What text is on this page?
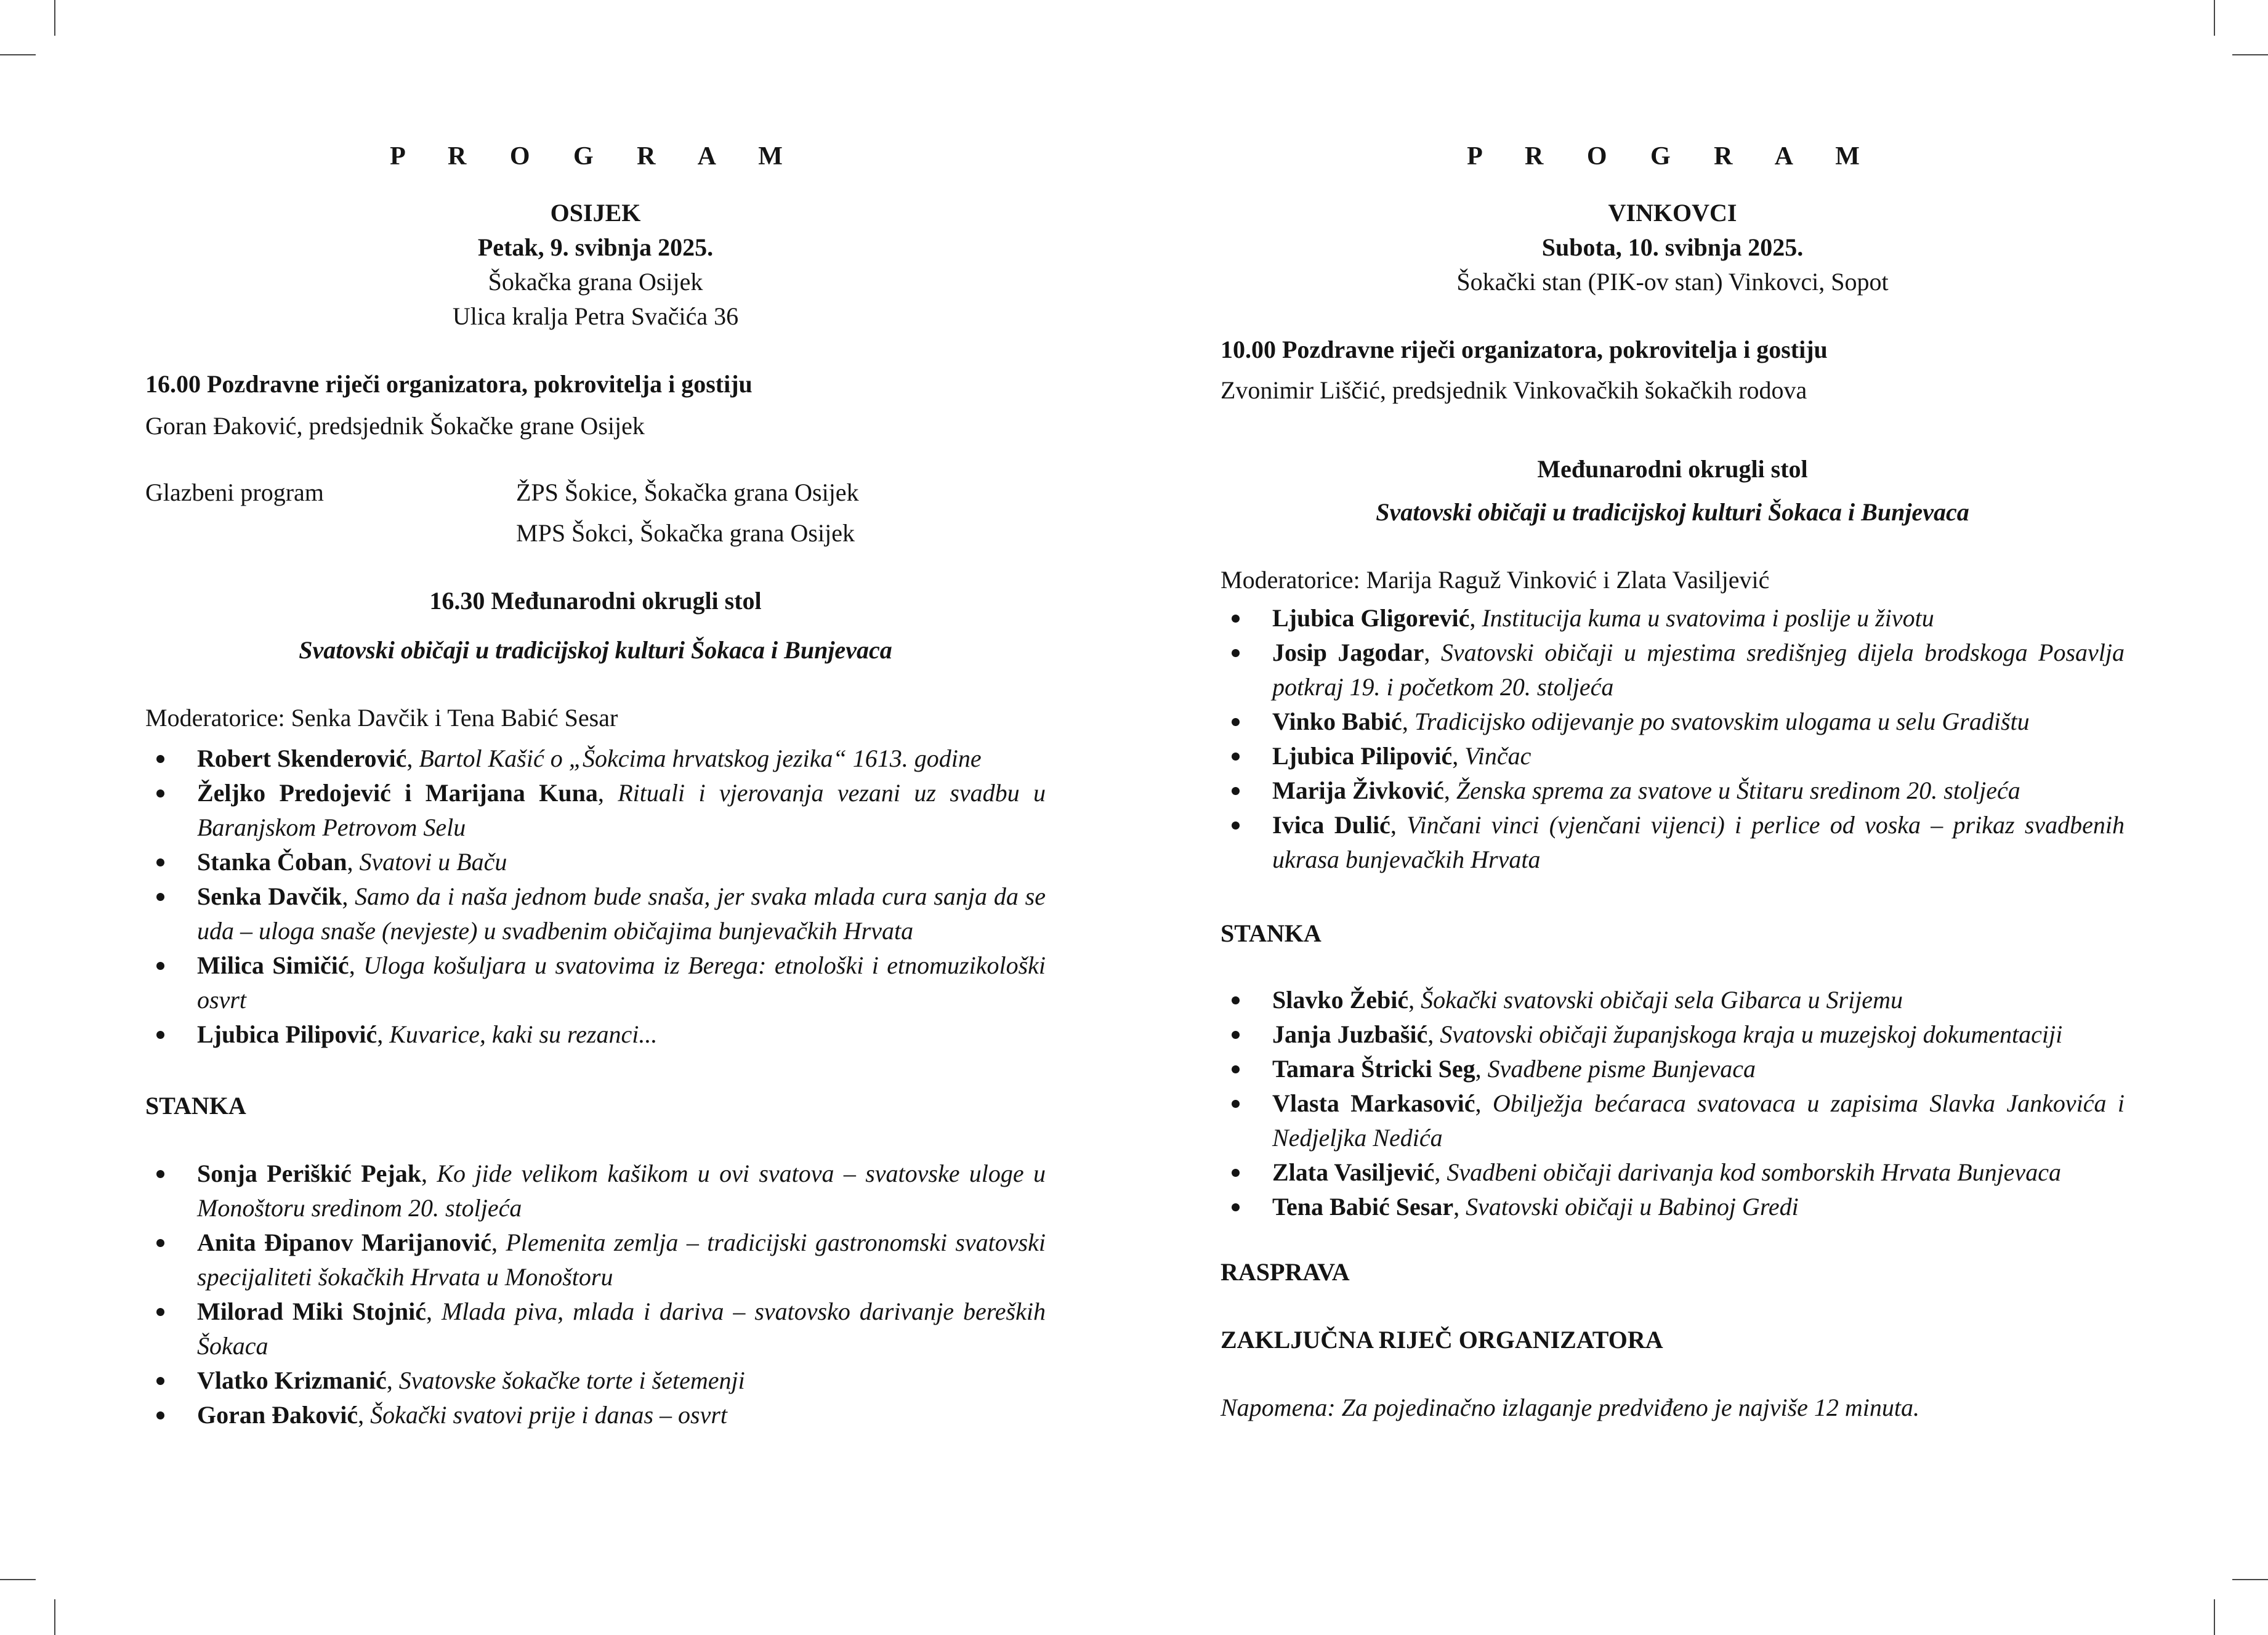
P R O G R A M
OSIJEK
Petak, 9. svibnja 2025.
Šokačka grana Osijek
Ulica kralja Petra Svačića 36
16.00 Pozdravne riječi organizatora, pokrovitelja i gostiju
Goran Đaković, predsjednik Šokačke grane Osijek
Glazbeni program	ŽPS Šokice, Šokačka grana Osijek
MPS Šokci, Šokačka grana Osijek
16.30 Međunarodni okrugli stol
Svatovski običaji u tradicijskoj kulturi Šokaca i Bunjevaca
Moderatorice: Senka Davčik i Tena Babić Sesar
Robert Skenderović, Bartol Kašić o „Šokcima hrvatskog jezika“ 1613. godine
Željko Predojević i Marijana Kuna, Rituali i vjerovanja vezani uz svadbu u Baranjskom Petrovom Selu
Stanka Čoban, Svatovi u Baču
Senka Davčik, Samo da i naša jednom bude snaša, jer svaka mlada cura sanja da se uda – uloga snaše (nevjeste) u svadbenim običajima bunjevačkih Hrvata
Milica Simičić, Uloga košuljara u svatovima iz Berega: etnološki i etnomuzikološki osvrt
Ljubica Pilipović, Kuvarice, kaki su rezanci...
STANKA
Sonja Periškić Pejak, Ko jide velikom kašikom u ovi svatova – svatovske uloge u Monoštoru sredinom 20. stoljeća
Anita Đipanov Marijanović, Plemenita zemlja – tradicijski gastronomski svatovski specijaliteti šokačkih Hrvata u Monoštoru
Milorad Miki Stojnić, Mlada piva, mlada i dariva – svatovsko darivanje bereških Šokaca
Vlatko Krizmanić, Svatovske šokačke torte i šetemenji
Goran Đaković, Šokački svatovi prije i danas – osvrt
P R O G R A M
VINKOVCI
Subota, 10. svibnja 2025.
Šokački stan (PIK-ov stan) Vinkovci, Sopot
10.00 Pozdravne riječi organizatora, pokrovitelja i gostiju
Zvonimir Liščić, predsjednik Vinkovačkih šokačkih rodova
Međunarodni okrugli stol
Svatovski običaji u tradicijskoj kulturi Šokaca i Bunjevaca
Moderatorice: Marija Raguž Vinković i Zlata Vasiljević
Ljubica Gligorević, Institucija kuma u svatovima i poslije u životu
Josip Jagodar, Svatovski običaji u mjestima središnjeg dijela brodskoga Posavlja potkraj 19. i početkom 20. stoljeća
Vinko Babić, Tradicijsko odijevanje po svatovskim ulogama u selu Gradištu
Ljubica Pilipović, Vinčac
Marija Živković, Ženska sprema za svatove u Štitaru sredinom 20. stoljeća
Ivica Dulić, Vinčani vinci (vjenčani vijenci) i perlice od voska – prikaz svadbenih ukrasa bunjevačkih Hrvata
STANKA
Slavko Žebić, Šokački svatovski običaji sela Gibarca u Srijemu
Janja Juzbašić, Svatovski običaji županjskoga kraja u muzejskoj dokumentaciji
Tamara Štricki Seg, Svadbene pisme Bunjevaca
Vlasta Markasović, Obilježja bećaraca svatovaca u zapisima Slavka Jankovića i Nedjeljka Nedića
Zlata Vasiljević, Svadbeni običaji darivanja kod somborskih Hrvata Bunjevaca
Tena Babić Sesar, Svatovski običaji u Babinoj Gredi
RASPRAVA
ZAKLJUČNA RIJEČ ORGANIZATORA
Napomena: Za pojedinačno izlaganje predviđeno je najviše 12 minuta.
